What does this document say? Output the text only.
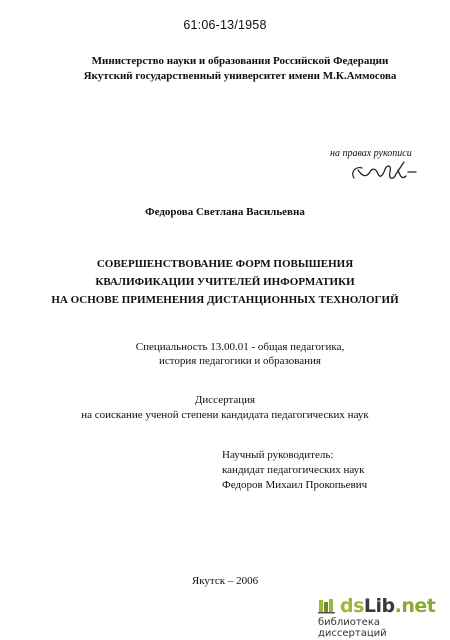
61:06-13/1958
Министерство науки и образования Российской Федерации
Якутский государственный университет имени М.К.Аммосова
на правах рукописи
Федорова Светлана Васильевна
СОВЕРШЕНСТВОВАНИЕ ФОРМ ПОВЫШЕНИЯ
КВАЛИФИКАЦИИ УЧИТЕЛЕЙ ИНФОРМАТИКИ
НА ОСНОВЕ ПРИМЕНЕНИЯ ДИСТАНЦИОННЫХ ТЕХНОЛОГИЙ
Специальность 13.00.01 - общая педагогика,
история педагогики и образования
Диссертация
на соискание ученой степени кандидата педагогических наук
Научный руководитель:
кандидат педагогических наук
Федоров Михаил Прокопьевич
Якутск – 2006
dsLib.net
библиотека диссертаций
